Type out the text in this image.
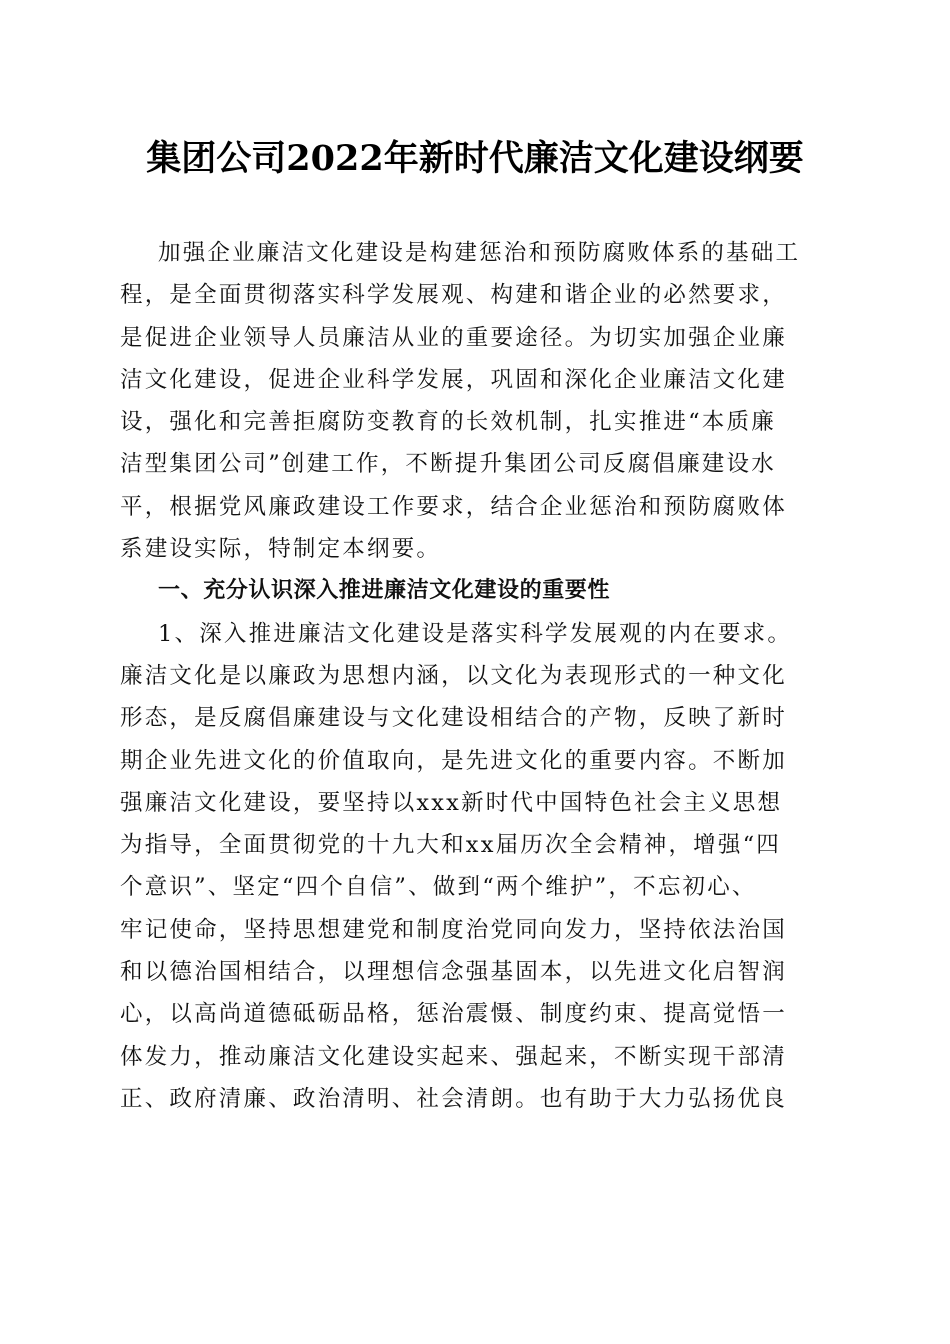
集团公司2022年新时代廉洁文化建设纲要
加强企业廉洁文化建设是构建惩治和预防腐败体系的基础工
程，是全面贯彻落实科学发展观、构建和谐企业的必然要求，
是促进企业领导人员廉洁从业的重要途径。为切实加强企业廉
洁文化建设，促进企业科学发展，巩固和深化企业廉洁文化建
设，强化和完善拒腐防变教育的长效机制，扎实推进“本质廉
洁型集团公司”创建工作，不断提升集团公司反腐倡廉建设水
平，根据党风廉政建设工作要求，结合企业惩治和预防腐败体
系建设实际，特制定本纲要。
一、充分认识深入推进廉洁文化建设的重要性
1、深入推进廉洁文化建设是落实科学发展观的内在要求。
廉洁文化是以廉政为思想内涵，以文化为表现形式的一种文化
形态，是反腐倡廉建设与文化建设相结合的产物，反映了新时
期企业先进文化的价值取向，是先进文化的重要内容。不断加
强廉洁文化建设，要坚持以xxx新时代中国特色社会主义思想
为指导，全面贯彻党的十九大和xx届历次全会精神，增强“四
个意识”、坚定“四个自信”、做到“两个维护”，不忘初心、
牢记使命，坚持思想建党和制度治党同向发力，坚持依法治国
和以德治国相结合，以理想信念强基固本，以先进文化启智润
心，以高尚道德砥砺品格，惩治震慑、制度约束、提高觉悟一
体发力，推动廉洁文化建设实起来、强起来，不断实现干部清
正、政府清廉、政治清明、社会清朗。也有助于大力弘扬优良
